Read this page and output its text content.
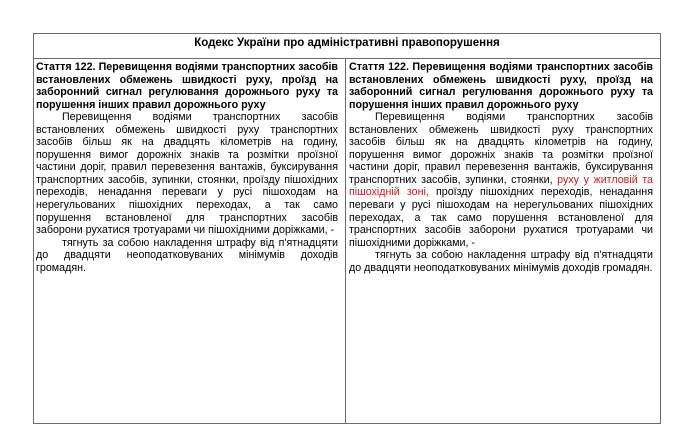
Кодекс України про адміністративні правопорушення

Стаття 122. Перевищення водіями транспортних засобів встановлених обмежень швидкості руху, проїзд на заборонний сигнал регулювання дорожнього руху та порушення інших правил дорожнього руху

Перевищення водіями транспортних засобів встановлених обмежень швидкості руху транспортних засобів більш як на двадцять кілометрів на годину, порушення вимог дорожніх знаків та розмітки проїзної частини доріг, правил перевезення вантажів, буксирування транспортних засобів, зупинки, стоянки, проїзду пішохідних переходів, ненадання переваги у русі пішоходам на нерегульованих пішохідних переходах, а так само порушення встановленої для транспортних засобів заборони рухатися тротуарами чи пішохідними доріжками, -

тягнуть за собою накладення штрафу від п'ятнадцяти до двадцяти неоподатковуваних мінімумів доходів громадян.

Стаття 122. Перевищення водіями транспортних засобів встановлених обмежень швидкості руху, проїзд на заборонний сигнал регулювання дорожнього руху та порушення інших правил дорожнього руху

Перевищення водіями транспортних засобів встановлених обмежень швидкості руху транспортних засобів більш як на двадцять кілометрів на годину, порушення вимог дорожніх знаків та розмітки проїзної частини доріг, правил перевезення вантажів, буксирування транспортних засобів, зупинки, стоянки, руху у житловій та пішохідній зоні, проїзду пішохідних переходів, ненадання переваги у русі пішоходам на нерегульованих пішохідних переходах, а так само порушення встановленої для транспортних засобів заборони рухатися тротуарами чи пішохідними доріжками, -

тягнуть за собою накладення штрафу від п'ятнадцяти до двадцяти неоподатковуваних мінімумів доходів громадян.
